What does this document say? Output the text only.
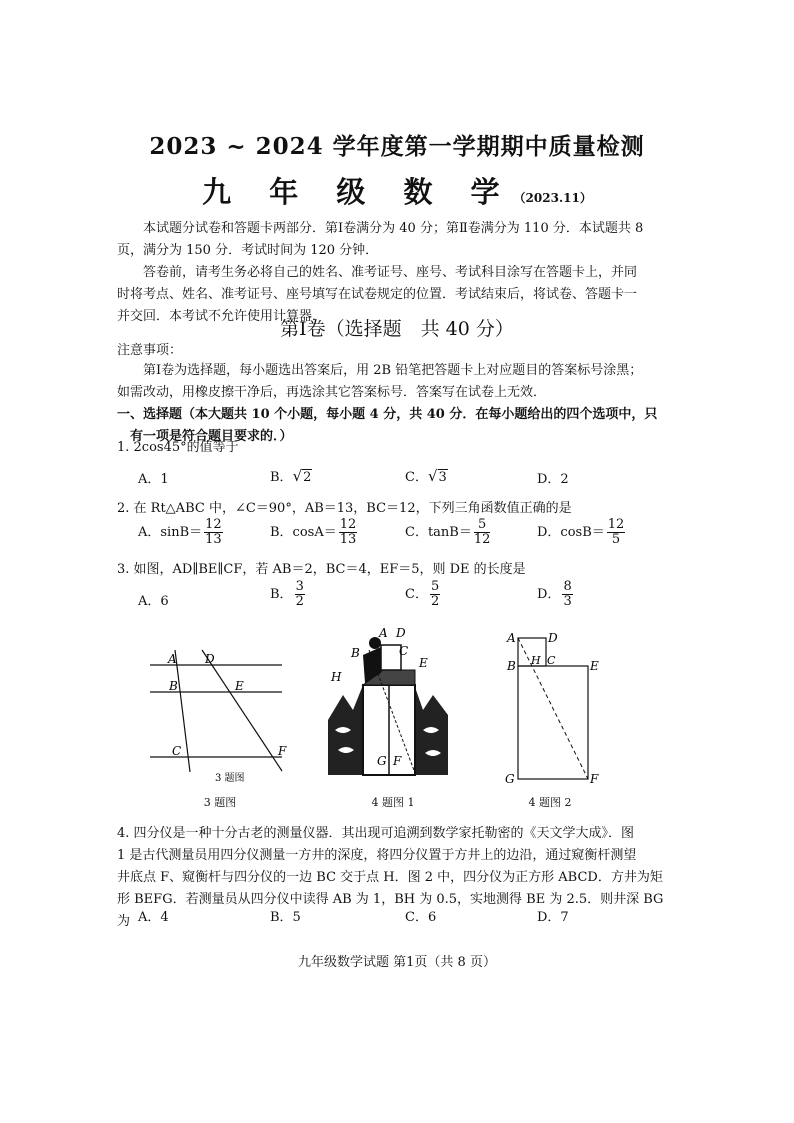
2023 ~ 2024 学年度第一学期期中质量检测
九 年 级 数 学（2023.11）
本试题分试卷和答题卡两部分．第Ⅰ卷满分为 40 分；第Ⅱ卷满分为 110 分．本试题共 8
页，满分为 150 分．考试时间为 120 分钟．
答卷前，请考生务必将自己的姓名、准考证号、座号、考试科目涂写在答题卡上，并同
时将考点、姓名、准考证号、座号填写在试卷规定的位置．考试结束后，将试卷、答题卡一
并交回．本考试不允许使用计算器．
第Ⅰ卷（选择题　共 40 分）
注意事项：
第Ⅰ卷为选择题，每小题选出答案后，用 2B 铅笔把答题卡上对应题目的答案标号涂黑；
如需改动，用橡皮擦干净后，再选涂其它答案标号．答案写在试卷上无效．
一、选择题（本大题共 10 个小题，每小题 4 分，共 40 分．在每小题给出的四个选项中，只
有一项是符合题目要求的．）
1. 2cos45°的值等于
A．1	B．√2	C．√3	D．2
2. 在 Rt△ABC 中，∠C＝90°，AB＝13，BC＝12，下列三角函数值正确的是
A．$\sin B= \frac{12}{13}$	B．$\cos A= \frac{12}{13}$	C．$\tan B= \frac{5}{12}$	D．$\cos B= \frac{12}{5}$
3. 如图，AD∥BE∥CF，若 AB＝2，BC＝4，EF＝5，则 DE 的长度是
A．6	B． $\frac{3}{2}$	C． $\frac{5}{2}$	D． $\frac{8}{3}$
A D
B	E
C	F
3 题图
3 题图
A D
B	C
E
H
G F
4 题图 1
A	D
B H C	E
G	F
4 题图 2
4. 四分仪是一种十分古老的测量仪器．其出现可追溯到数学家托勒密的《天文学大成》．图
1 是古代测量员用四分仪测量一方井的深度，将四分仪置于方井上的边沿，通过窥衡杆测望
井底点 F、窥衡杆与四分仪的一边 BC 交于点 H．图 2 中，四分仪为正方形 ABCD．方井为矩
形 BEFG．若测量员从四分仪中读得 AB 为 1，BH 为 0.5，实地测得 BE 为 2.5．则井深 BG 为 A．4	B．5	C．6	D．7
九年级数学试题 第1页（共 8 页）
